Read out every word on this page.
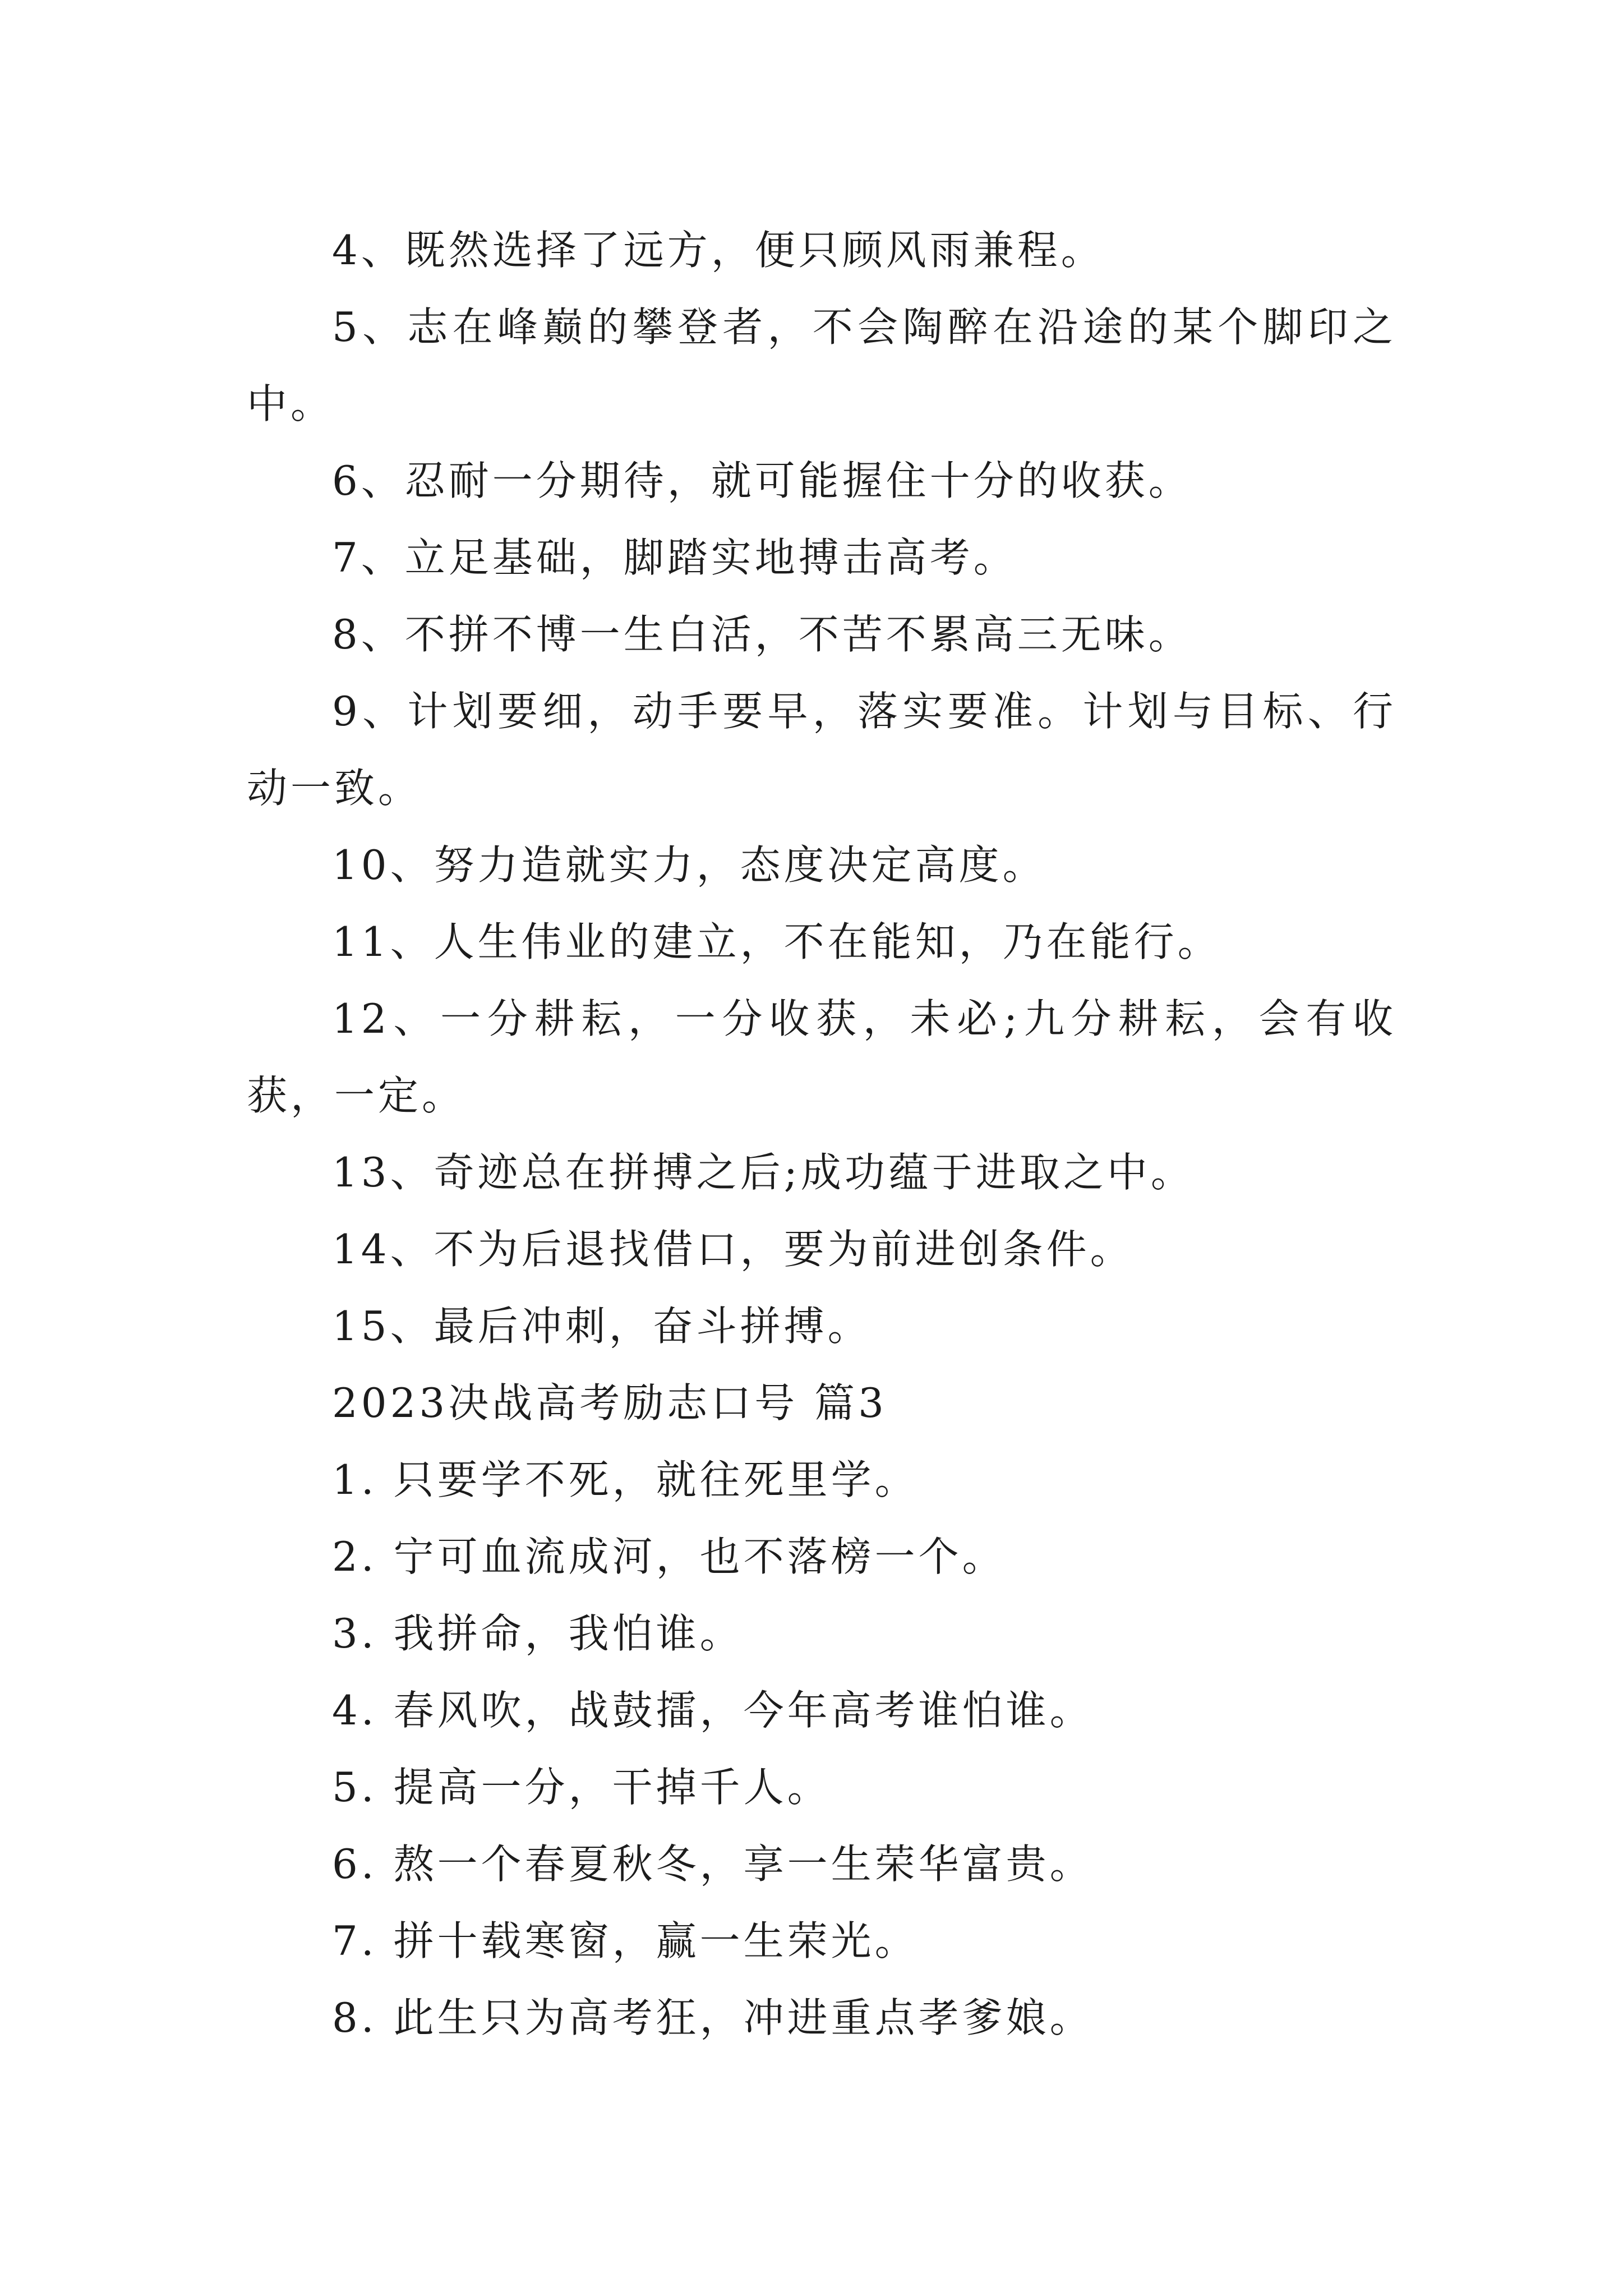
4、既然选择了远方，便只顾风雨兼程。

5、志在峰巅的攀登者，不会陶醉在沿途的某个脚印之中。

6、忍耐一分期待，就可能握住十分的收获。

7、立足基础，脚踏实地搏击高考。

8、不拼不博一生白活，不苦不累高三无味。

9、计划要细，动手要早，落实要准。计划与目标、行动一致。

10、努力造就实力，态度决定高度。

11、人生伟业的建立，不在能知，乃在能行。

12、一分耕耘，一分收获，未必;九分耕耘，会有收获，一定。

13、奇迹总在拼搏之后;成功蕴于进取之中。

14、不为后退找借口，要为前进创条件。

15、最后冲刺，奋斗拼搏。

2023决战高考励志口号 篇3

1. 只要学不死，就往死里学。

2. 宁可血流成河，也不落榜一个。

3. 我拼命，我怕谁。

4. 春风吹，战鼓擂，今年高考谁怕谁。

5. 提高一分，干掉千人。

6. 熬一个春夏秋冬，享一生荣华富贵。

7. 拼十载寒窗，赢一生荣光。

8. 此生只为高考狂，冲进重点孝爹娘。
